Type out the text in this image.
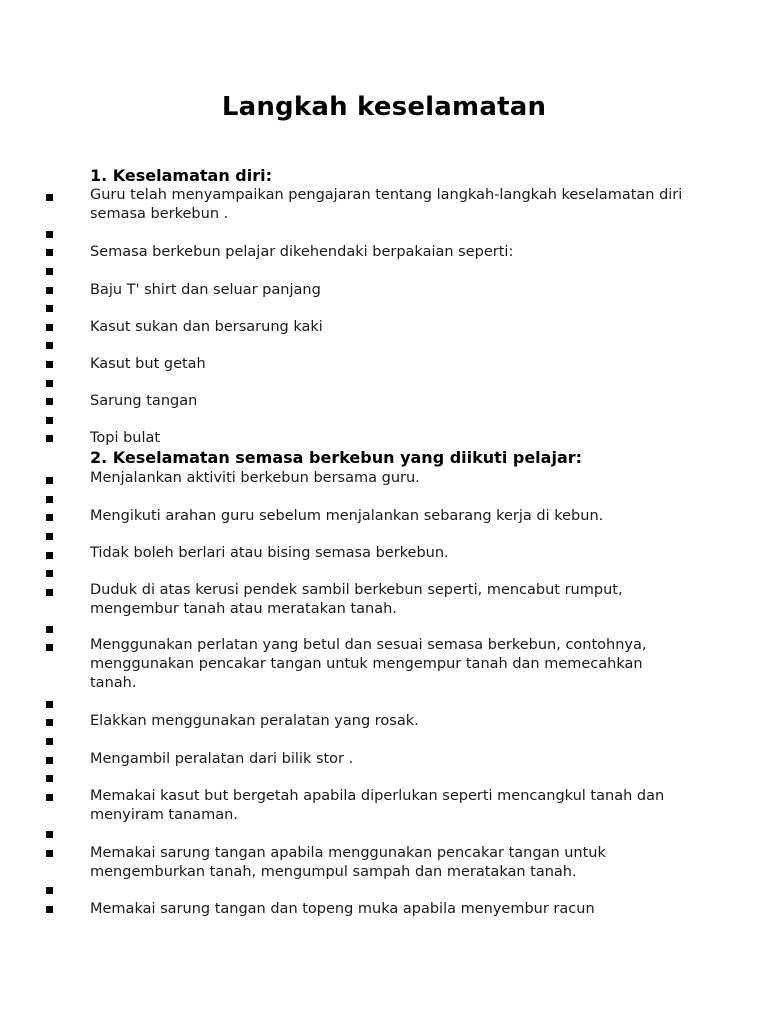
Langkah keselamatan
1. Keselamatan diri:
Guru telah menyampaikan pengajaran tentang langkah-langkah keselamatan diri semasa berkebun .
Semasa berkebun pelajar dikehendaki berpakaian seperti:
Baju T' shirt dan seluar panjang
Kasut sukan dan bersarung kaki
Kasut but getah
Sarung tangan
Topi bulat
2. Keselamatan semasa berkebun yang diikuti pelajar:
Menjalankan aktiviti berkebun bersama guru.
Mengikuti arahan guru sebelum menjalankan sebarang kerja di kebun.
Tidak boleh berlari atau bising semasa berkebun.
Duduk di atas kerusi pendek sambil berkebun seperti, mencabut rumput, mengembur tanah atau meratakan tanah.
Menggunakan perlatan yang betul dan sesuai semasa berkebun, contohnya, menggunakan pencakar tangan untuk mengempur tanah dan memecahkan tanah.
Elakkan menggunakan peralatan yang rosak.
Mengambil peralatan dari bilik stor .
Memakai kasut but bergetah apabila diperlukan seperti mencangkul tanah dan menyiram tanaman.
Memakai sarung tangan apabila menggunakan pencakar tangan untuk mengemburkan tanah, mengumpul sampah dan meratakan tanah.
Memakai sarung tangan dan topeng muka apabila menyembur racun
